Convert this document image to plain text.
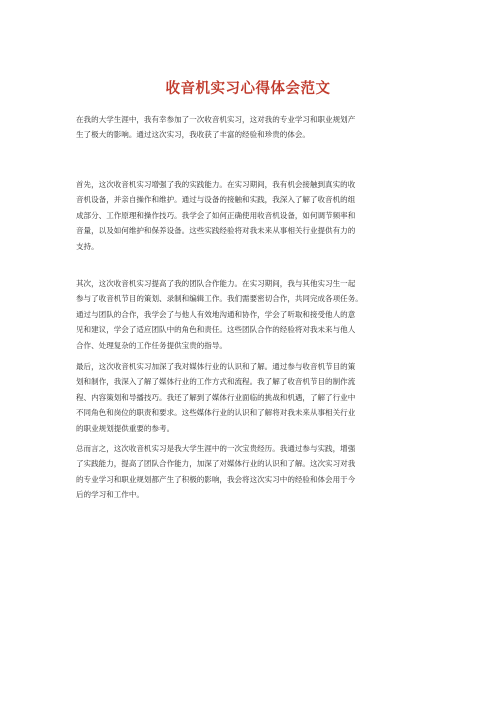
收音机实习心得体会范文

在我的大学生涯中，我有幸参加了一次收音机实习，这对我的专业学习和职业规划产
生了极大的影响。通过这次实习，我收获了丰富的经验和珍贵的体会。

首先，这次收音机实习增强了我的实践能力。在实习期间，我有机会接触到真实的收
音机设备，并亲自操作和维护。通过与设备的接触和实践，我深入了解了收音机的组
成部分、工作原理和操作技巧。我学会了如何正确使用收音机设备，如何调节频率和
音量，以及如何维护和保养设备。这些实践经验将对我未来从事相关行业提供有力的
支持。

其次，这次收音机实习提高了我的团队合作能力。在实习期间，我与其他实习生一起
参与了收音机节目的策划、录制和编辑工作。我们需要密切合作，共同完成各项任务。
通过与团队的合作，我学会了与他人有效地沟通和协作，学会了听取和接受他人的意
见和建议，学会了适应团队中的角色和责任。这些团队合作的经验将对我未来与他人
合作、处理复杂的工作任务提供宝贵的指导。

最后，这次收音机实习加深了我对媒体行业的认识和了解。通过参与收音机节目的策
划和制作，我深入了解了媒体行业的工作方式和流程。我了解了收音机节目的制作流
程、内容策划和导播技巧。我还了解到了媒体行业面临的挑战和机遇，了解了行业中
不同角色和岗位的职责和要求。这些媒体行业的认识和了解将对我未来从事相关行业
的职业规划提供重要的参考。

总而言之，这次收音机实习是我大学生涯中的一次宝贵经历。我通过参与实践，增强
了实践能力，提高了团队合作能力，加深了对媒体行业的认识和了解。这次实习对我
的专业学习和职业规划都产生了积极的影响，我会将这次实习中的经验和体会用于今
后的学习和工作中。
